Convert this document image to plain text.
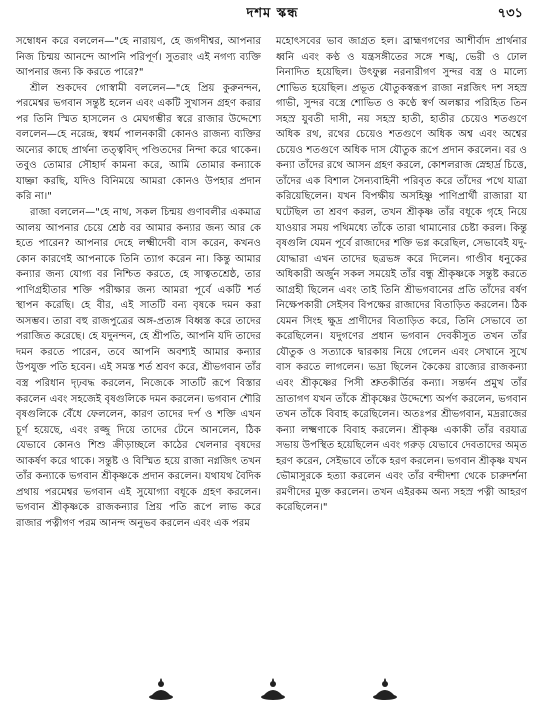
দশম স্কন্ধ	৭৩১

সম্বোধন করে বললেন—"হে নারায়ণ, হে জগদীশ্বর, আপনার নিজ চিন্ময় আনন্দে আপনি পরিপূর্ণ। সুতরাং এই নগণ্য ব্যক্তি আপনার জন্য কি করতে পারে?"

শ্রীল শুকদেব গোস্বামী বললেন—"হে প্রিয় কুরুনন্দন, পরমেশ্বর ভগবান সন্তুষ্ট হলেন এবং একটি সুখাসন গ্রহণ করার পর তিনি স্মিত হাসলেন ও মেঘগম্ভীর স্বরে রাজার উদ্দেশ্যে বললেন—হে নরেন্দ্র, স্বধর্ম পালনকারী কোনও রাজন্য ব্যক্তির অন্যের কাছে প্রার্থনা তত্ত্ববিদ্ পণ্ডিতদের নিন্দা করে থাকেন। তবুও তোমার সৌহার্দ কামনা করে, আমি তোমার কন্যাকে যাচ্ঞা করছি, যদিও বিনিময়ে আমরা কোনও উপহার প্রদান করি না।"

রাজা বললেন—"হে নাথ, সকল চিন্ময় গুণাবলীর একমাত্র আলয় আপনার চেয়ে শ্রেষ্ঠ বর আমার কন্যার জন্য আর কে হতে পারেন? আপনার দেহে লক্ষ্মীদেবী বাস করেন, কখনও কোন কারণেই আপনাকে তিনি ত্যাগ করেন না। কিন্তু আমার কন্যার জন্য যোগ্য বর নিশ্চিত করতে, হে সাত্বতশ্রেষ্ঠ, তার পাণিগ্রহীতার শক্তি পরীক্ষার জন্য আমরা পূর্বে একটি শর্ত স্থাপন করেছি। হে বীর, এই সাতটি বন্য বৃষকে দমন করা অসম্ভব। তারা বহু রাজপুত্রের অঙ্গ-প্রত্যঙ্গ বিধ্বস্ত করে তাদের পরাজিত করেছে। হে যদুনন্দন, হে শ্রীপতি, আপনি যদি তাদের দমন করতে পারেন, তবে আপনি অবশ্যই আমার কন্যার উপযুক্ত পতি হবেন। এই সমস্ত শর্ত শ্রবণ করে, শ্রীভগবান তাঁর বস্ত্র পরিধান দৃঢ়বদ্ধ করলেন, নিজেকে সাতটি রূপে বিস্তার করলেন এবং সহজেই বৃষগুলিকে দমন করলেন। ভগবান শৌরি বৃষগুলিকে বেঁধে ফেললেন, কারণ তাদের দর্প ও শক্তি এখন চূর্ণ হয়েছে, এবং রজ্জু দিয়ে তাদের টেনে আনলেন, ঠিক যেভাবে কোনও শিশু ক্রীড়াচ্ছলে কাঠের খেলনার বৃষদের আকর্ষণ করে থাকে। সন্তুষ্ট ও বিস্মিত হয়ে রাজা নগ্নজিৎ তখন তাঁর কন্যাকে ভগবান শ্রীকৃষ্ণকে প্রদান করলেন। যথাযথ বৈদিক প্রথায় পরমেশ্বর ভগবান এই সুযোগ্যা বধূকে গ্রহণ করলেন। ভগবান শ্রীকৃষ্ণকে রাজকন্যার প্রিয় পতি রূপে লাভ করে রাজার পত্নীগণ পরম আনন্দ অনুভব করলেন এবং এক পরম

মহোৎসবের ভাব জাগ্রত হল। ব্রাহ্মণগণের আশীর্বাদ প্রার্থনার ধ্বনি এবং কণ্ঠ ও যন্ত্রসঙ্গীতের সঙ্গে শঙ্খ, ভেরী ও ঢোল নিনাদিত হয়েছিল। উৎফুল্ল নরনারীগণ সুন্দর বস্ত্র ও মাল্যে শোভিত হয়েছিল। প্রভূত যৌতুকস্বরূপ রাজা নগ্নজিৎ দশ সহস্র গাভী, সুন্দর বস্ত্রে শোভিত ও কণ্ঠে স্বর্ণ অলঙ্কার পরিহিত তিন সহস্র যুবতী দাসী, নয় সহস্র হাতী, হাতীর চেয়েও শতগুণে অধিক রথ, রথের চেয়েও শতগুণে অধিক অশ্ব এবং অশ্বের চেয়েও শতগুণে অধিক দাস যৌতুক রূপে প্রদান করলেন। বর ও কন্যা তাঁদের রথে আসন গ্রহণ করলে, কোশলরাজ স্নেহার্দ্র চিত্তে, তাঁদের এক বিশাল সৈন্যবাহিনী পরিবৃত করে তাঁদের পথে যাত্রা করিয়েছিলেন। যখন বিপক্ষীয় অসহিষ্ণু পাণিপ্রার্থী রাজারা যা ঘটেছিল তা শ্রবণ করল, তখন শ্রীকৃষ্ণ তাঁর বধূকে গৃহে নিয়ে যাওয়ার সময় পথিমধ্যে তাঁকে তারা থামানোর চেষ্টা করল। কিন্তু বৃষগুলি যেমন পূর্বে রাজাদের শক্তি ভগ্ন করেছিল, সেভাবেই যদু-যোদ্ধারা এখন তাদের ছত্রভঙ্গ করে দিলেন। গাণ্ডীব ধনুকের অধিকারী অর্জুন সকল সময়েই তাঁর বন্ধু শ্রীকৃষ্ণকে সন্তুষ্ট করতে আগ্রহী ছিলেন এবং তাই তিনি শ্রীভগবানের প্রতি তাঁদের বর্ষণ নিক্ষেপকারী সেইসব বিপক্ষের রাজাদের বিতাড়িত করলেন। ঠিক যেমন সিংহ ক্ষুদ্র প্রাণীদের বিতাড়িত করে, তিনি সেভাবে তা করেছিলেন। যদুগণের প্রধান ভগবান দেবকীসুত তখন তাঁর যৌতুক ও সত্যাকে দ্বারকায় নিয়ে গেলেন এবং সেখানে সুখে বাস করতে লাগলেন। ভদ্রা ছিলেন কৈকেয় রাজ্যের রাজকন্যা এবং শ্রীকৃষ্ণের পিসী শ্রুতকীর্তির কন্যা। সন্তর্দন প্রমুখ তাঁর ভ্রাতাগণ যখন তাঁকে শ্রীকৃষ্ণের উদ্দেশ্যে অর্পণ করলেন, ভগবান তখন তাঁকে বিবাহ করেছিলেন। অতঃপর শ্রীভগবান, মদ্ররাজের কন্যা লক্ষ্মণাকে বিবাহ করলেন। শ্রীকৃষ্ণ একাকী তাঁর বরযাত্র সভায় উপস্থিত হয়েছিলেন এবং গরুড় যেভাবে দেবতাদের অমৃত হরণ করেন, সেইভাবে তাঁকে হরণ করলেন। ভগবান শ্রীকৃষ্ণ যখন ভৌমাসুরকে হত্যা করলেন এবং তাঁর বন্দীদশা থেকে চারুদর্শনা রমণীদের মুক্ত করলেন। তখন এইরকম অন্য সহস্র পত্নী আহরণ করেছিলেন।"
